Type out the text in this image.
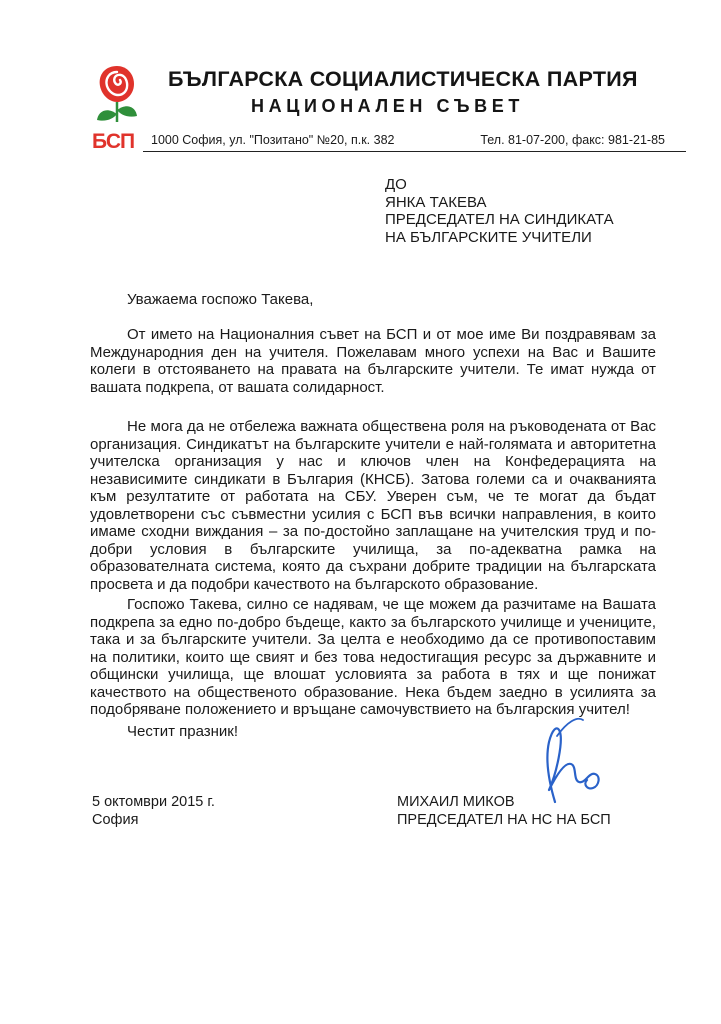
БСП
БЪЛГАРСКА СОЦИАЛИСТИЧЕСКА ПАРТИЯ
НАЦИОНАЛЕН СЪВЕТ
1000 София, ул. "Позитано" №20, п.к. 382	Тел. 81-07-200, факс: 981-21-85
ДО
ЯНКА ТАКЕВА
ПРЕДСЕДАТЕЛ НА СИНДИКАТА
НА БЪЛГАРСКИТЕ УЧИТЕЛИ
Уважаема госпожо Такева,
От името на Националния съвет на БСП и от мое име Ви поздравявам за Международния ден на учителя. Пожелавам много успехи на Вас и Вашите колеги в отстояването на правата на българските учители. Те имат нужда от вашата подкрепа, от вашата солидарност.
Не мога да не отбележа важната обществена роля на ръководената от Вас организация. Синдикатът на българските учители е най-голямата и авторитетна учителска организация у нас и ключов член на Конфедерацията на независимите синдикати в България (КНСБ). Затова големи са и очакванията към резултатите от работата на СБУ. Уверен съм, че те могат да бъдат удовлетворени със съвместни усилия с БСП във всички направления, в които имаме сходни виждания – за по-достойно заплащане на учителския труд и по-добри условия в българските училища, за по-адекватна рамка на образователната система, която да съхрани добрите традиции на българската просвета и да подобри качеството на българското образование.
Госпожо Такева, силно се надявам, че ще можем да разчитаме на Вашата подкрепа за едно по-добро бъдеще, както за българското училище и учениците, така и за българските учители. За целта е необходимо да се противопоставим на политики, които ще свият и без това недостигащия ресурс за държавните и общински училища, ще влошат условията за работа в тях и ще понижат качеството на общественото образование. Нека бъдем заедно в усилията за подобряване положението и връщане самочувствието на българския учител!
Честит празник!
5 октомври 2015 г.
София
МИХАИЛ МИКОВ
ПРЕДСЕДАТЕЛ НА НС НА БСП
